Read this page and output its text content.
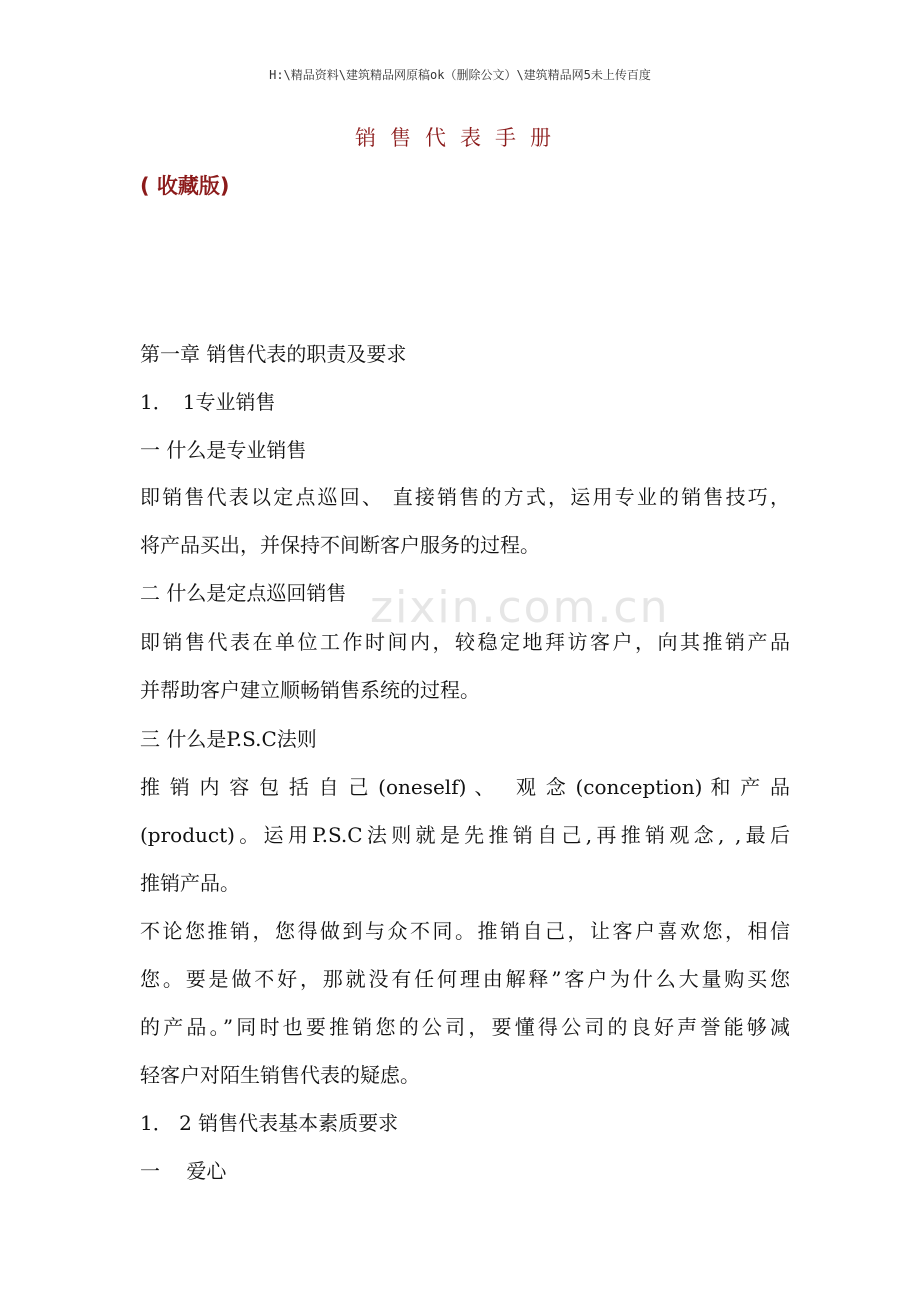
H:\精品资料\建筑精品网原稿ok（删除公文）\建筑精品网5未上传百度
销售代表手册
( 收藏版)
zixin.com.cn
第一章 销售代表的职责及要求
1．　1专业销售
一 什么是专业销售
即销售代表以定点巡回、 直接销售的方式，运用专业的销售技巧，
将产品买出，并保持不间断客户服务的过程。
二 什么是定点巡回销售
即销售代表在单位工作时间内，较稳定地拜访客户，向其推销产品
并帮助客户建立顺畅销售系统的过程。
三 什么是P.S.C法则
推 销 内 容 包 括 自 己 (oneself) 、　 观 念 (conception) 和 产 品
(product)。运用P.S.C法则就是先推销自己,再推销观念, ,最后
推销产品。
不论您推销，您得做到与众不同。推销自己，让客户喜欢您，相信
您。要是做不好，那就没有任何理由解释”客户为什么大量购买您
的产品。”同时也要推销您的公司，要懂得公司的良好声誉能够减
轻客户对陌生销售代表的疑虑。
1． 2 销售代表基本素质要求
一　 爱心
